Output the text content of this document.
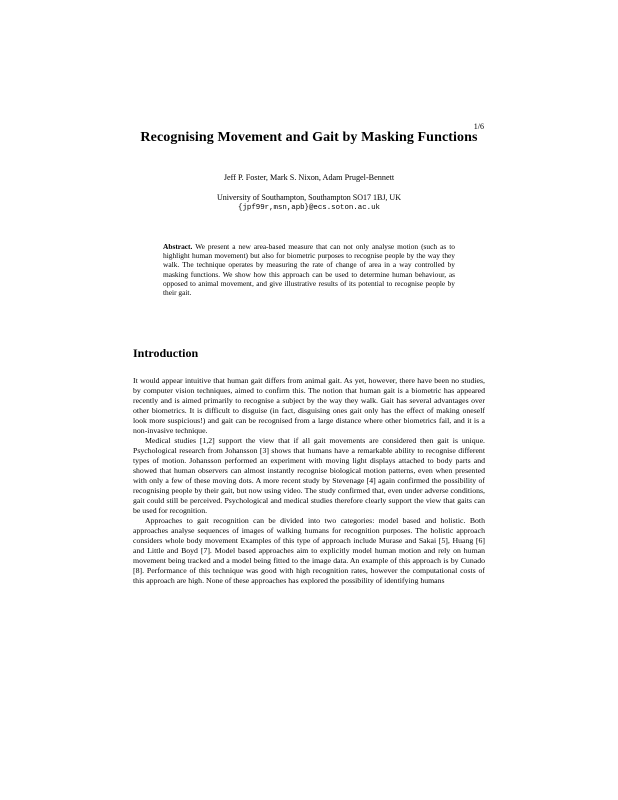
1/6
Recognising Movement and Gait by Masking Functions
Jeff P. Foster, Mark S. Nixon, Adam Prugel-Bennett
University of Southampton, Southampton SO17 1BJ, UK
{jpf99r,msn,apb}@ecs.soton.ac.uk
Abstract. We present a new area-based measure that can not only analyse motion (such as to highlight human movement) but also for biometric purposes to recognise people by the way they walk. The technique operates by measuring the rate of change of area in a way controlled by masking functions. We show how this approach can be used to determine human behaviour, as opposed to animal movement, and give illustrative results of its potential to recognise people by their gait.
Introduction

It would appear intuitive that human gait differs from animal gait. As yet, however, there have been no studies, by computer vision techniques, aimed to confirm this. The notion that human gait is a biometric has appeared recently and is aimed primarily to recognise a subject by the way they walk. Gait has several advantages over other biometrics. It is difficult to disguise (in fact, disguising ones gait only has the effect of making oneself look more suspicious!) and gait can be recognised from a large distance where other biometrics fail, and it is a non-invasive technique.

Medical studies [1,2] support the view that if all gait movements are considered then gait is unique. Psychological research from Johansson [3] shows that humans have a remarkable ability to recognise different types of motion. Johansson performed an experiment with moving light displays attached to body parts and showed that human observers can almost instantly recognise biological motion patterns, even when presented with only a few of these moving dots. A more recent study by Stevenage [4] again confirmed the possibility of recognising people by their gait, but now using video. The study confirmed that, even under adverse conditions, gait could still be perceived. Psychological and medical studies therefore clearly support the view that gaits can be used for recognition.

Approaches to gait recognition can be divided into two categories: model based and holistic. Both approaches analyse sequences of images of walking humans for recognition purposes. The holistic approach considers whole body movement Examples of this type of approach include Murase and Sakai [5], Huang [6] and Little and Boyd [7]. Model based approaches aim to explicitly model human motion and rely on human movement being tracked and a model being fitted to the image data. An example of this approach is by Cunado [8]. Performance of this technique was good with high recognition rates, however the computational costs of this approach are high. None of these approaches has explored the possibility of identifying humans
